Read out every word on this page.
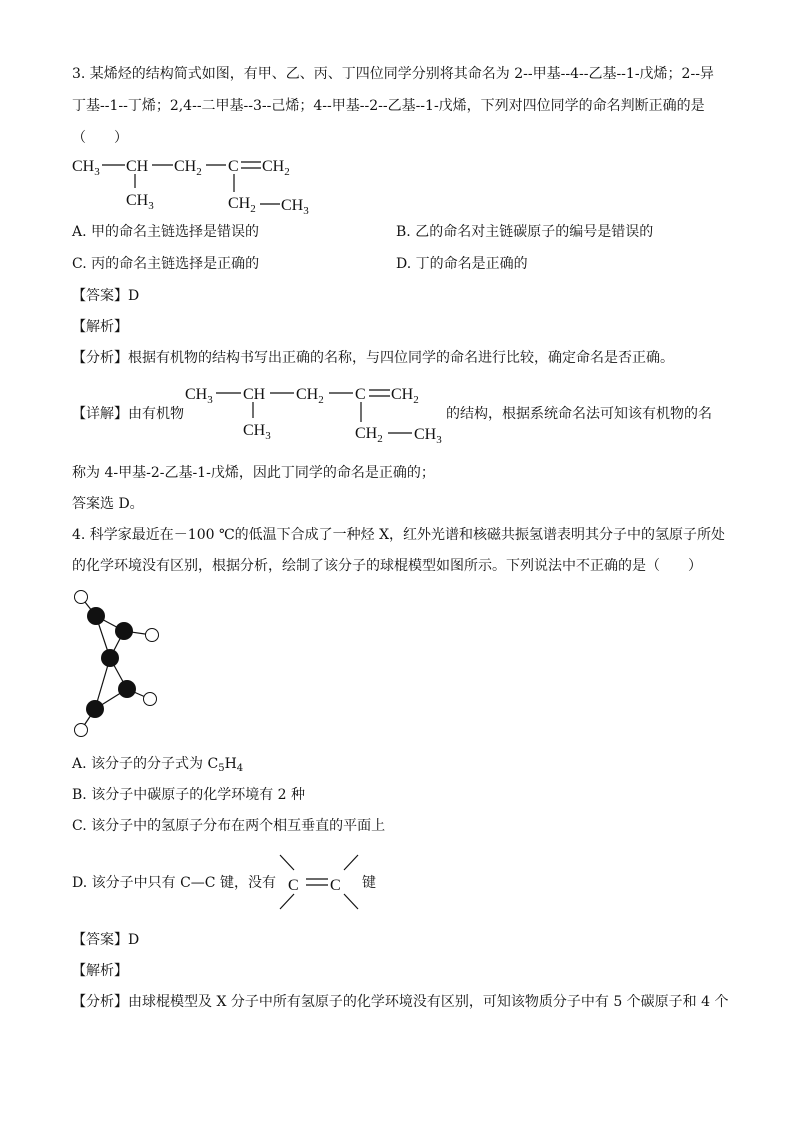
3. 某烯烃的结构简式如图，有甲、乙、丙、丁四位同学分别将其命名为 2--甲基--4--乙基--1-戊烯；2--异
丁基--1--丁烯；2,4--二甲基--3--己烯；4--甲基--2--乙基--1-戊烯，下列对四位同学的命名判断正确的是
（　　）
$CH_3$ CH $CH_2$ C $CH_2$
$CH_3$	$CH_2$ $CH_3$
A. 甲的命名主链选择是错误的	B. 乙的命名对主链碳原子的编号是错误的
C. 丙的命名主链选择是正确的	D. 丁的命名是正确的
【答案】D
【解析】
【分析】根据有机物的结构书写出正确的名称，与四位同学的命名进行比较，确定命名是否正确。
【详解】由有机物
$CH_3$ CH $CH_2$ C $CH_2$
$CH_3$	$CH_2$ $CH_3$
的结构，根据系统命名法可知该有机物的名
称为 4-甲基-2-乙基-1-戊烯，因此丁同学的命名是正确的；
答案选 D。
4. 科学家最近在－100 ℃的低温下合成了一种烃 X，红外光谱和核磁共振氢谱表明其分子中的氢原子所处
的化学环境没有区别，根据分析，绘制了该分子的球棍模型如图所示。下列说法中不正确的是（　　）
A. 该分子的分子式为 $C_5H_4$
B. 该分子中碳原子的化学环境有 2 种
C. 该分子中的氢原子分布在两个相互垂直的平面上
D. 该分子中只有 C—C 键，没有 C C 键
【答案】D
【解析】
【分析】由球棍模型及 X 分子中所有氢原子的化学环境没有区别，可知该物质分子中有 5 个碳原子和 4 个
